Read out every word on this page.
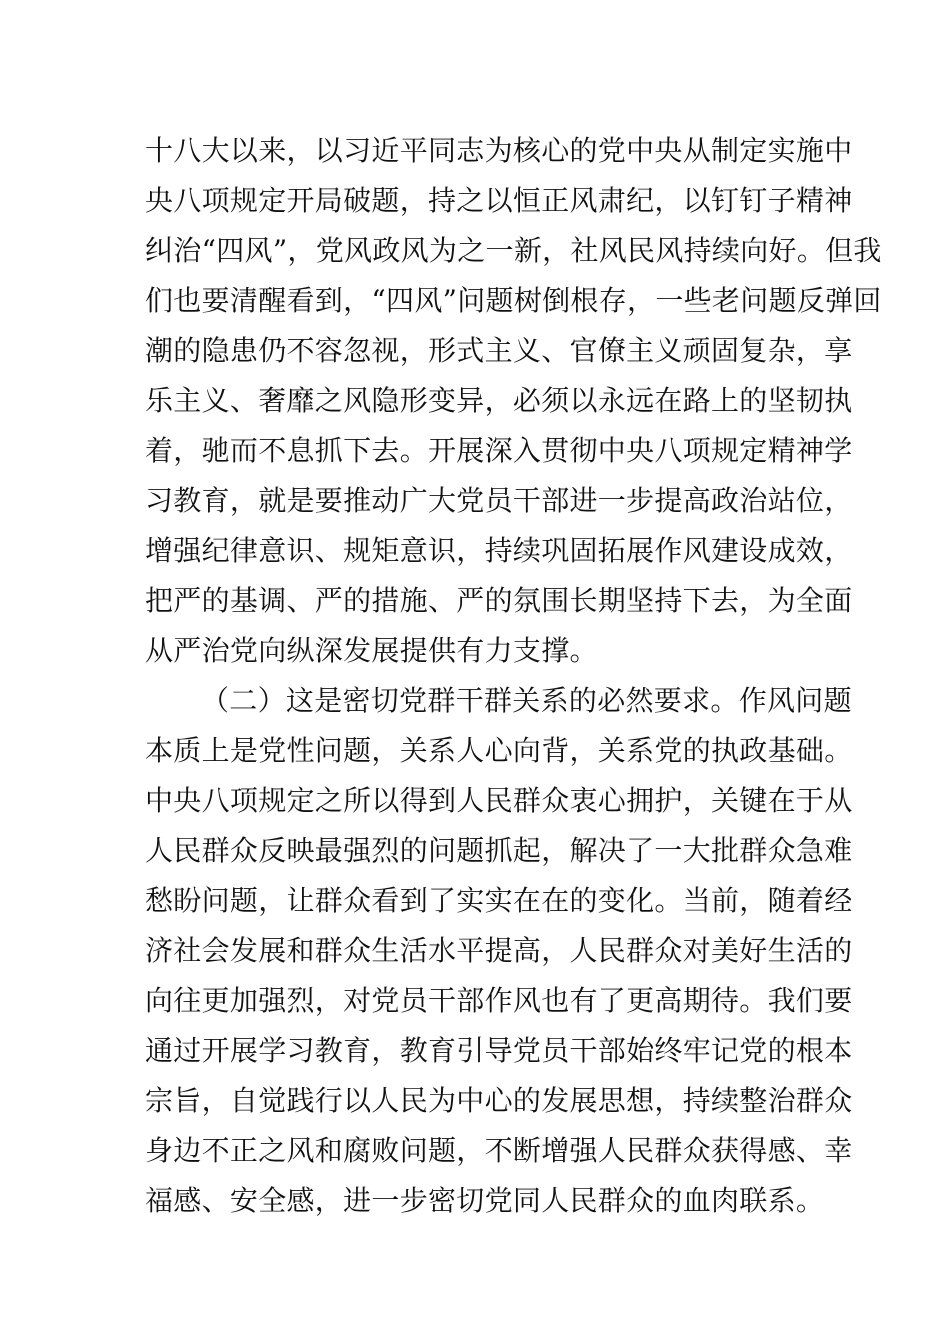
十八大以来，以习近平同志为核心的党中央从制定实施中
央八项规定开局破题，持之以恒正风肃纪，以钉钉子精神
纠治“四风”，党风政风为之一新，社风民风持续向好。但我
们也要清醒看到，“四风”问题树倒根存，一些老问题反弹回
潮的隐患仍不容忽视，形式主义、官僚主义顽固复杂，享
乐主义、奢靡之风隐形变异，必须以永远在路上的坚韧执
着，驰而不息抓下去。开展深入贯彻中央八项规定精神学
习教育，就是要推动广大党员干部进一步提高政治站位，
增强纪律意识、规矩意识，持续巩固拓展作风建设成效，
把严的基调、严的措施、严的氛围长期坚持下去，为全面
从严治党向纵深发展提供有力支撑。
（二）这是密切党群干群关系的必然要求。作风问题
本质上是党性问题，关系人心向背，关系党的执政基础。
中央八项规定之所以得到人民群众衷心拥护，关键在于从
人民群众反映最强烈的问题抓起，解决了一大批群众急难
愁盼问题，让群众看到了实实在在的变化。当前，随着经
济社会发展和群众生活水平提高，人民群众对美好生活的
向往更加强烈，对党员干部作风也有了更高期待。我们要
通过开展学习教育，教育引导党员干部始终牢记党的根本
宗旨，自觉践行以人民为中心的发展思想，持续整治群众
身边不正之风和腐败问题，不断增强人民群众获得感、幸
福感、安全感，进一步密切党同人民群众的血肉联系。
